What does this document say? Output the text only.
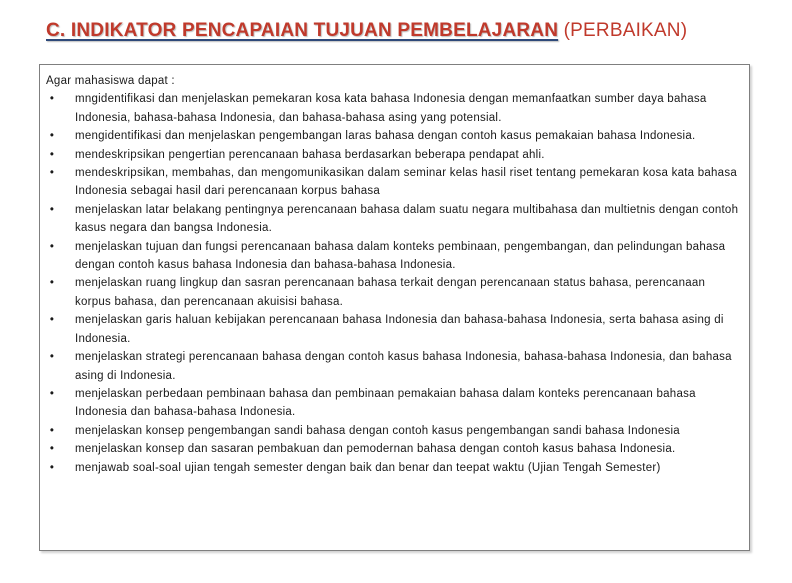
C. INDIKATOR PENCAPAIAN TUJUAN PEMBELAJARAN (PERBAIKAN)

Agar mahasiswa dapat :

•	mngidentifikasi dan menjelaskan pemekaran kosa kata bahasa Indonesia dengan memanfaatkan sumber daya bahasa Indonesia, bahasa-bahasa Indonesia, dan bahasa-bahasa asing yang potensial.
•	mengidentifikasi dan menjelaskan pengembangan laras bahasa dengan contoh kasus pemakaian bahasa Indonesia.
•	mendeskripsikan pengertian perencanaan bahasa berdasarkan beberapa pendapat ahli.
•	mendeskripsikan, membahas, dan mengomunikasikan dalam seminar kelas hasil riset tentang pemekaran kosa kata bahasa Indonesia sebagai hasil dari perencanaan korpus bahasa
•	menjelaskan latar belakang pentingnya perencanaan bahasa dalam suatu negara multibahasa dan multietnis dengan contoh kasus negara dan bangsa Indonesia.
•	menjelaskan tujuan dan fungsi perencanaan bahasa dalam konteks pembinaan, pengembangan, dan pelindungan bahasa dengan contoh kasus bahasa Indonesia dan bahasa-bahasa Indonesia.
•	menjelaskan ruang lingkup dan sasran perencanaan bahasa terkait dengan perencanaan status bahasa, perencanaan korpus bahasa, dan perencanaan akuisisi bahasa.
•	menjelaskan garis haluan kebijakan perencanaan bahasa Indonesia dan bahasa-bahasa Indonesia, serta bahasa asing di Indonesia.
•	menjelaskan strategi perencanaan bahasa dengan contoh kasus bahasa Indonesia, bahasa-bahasa Indonesia, dan bahasa asing di Indonesia.
•	menjelaskan perbedaan pembinaan bahasa dan pembinaan pemakaian bahasa dalam konteks perencanaan bahasa Indonesia dan bahasa-bahasa Indonesia.
•	menjelaskan konsep pengembangan sandi bahasa dengan contoh kasus pengembangan sandi bahasa Indonesia
•	menjelaskan konsep dan sasaran pembakuan dan pemodernan bahasa dengan contoh kasus bahasa Indonesia.
•	menjawab soal-soal ujian tengah semester dengan baik dan benar dan teepat waktu (Ujian Tengah Semester)
